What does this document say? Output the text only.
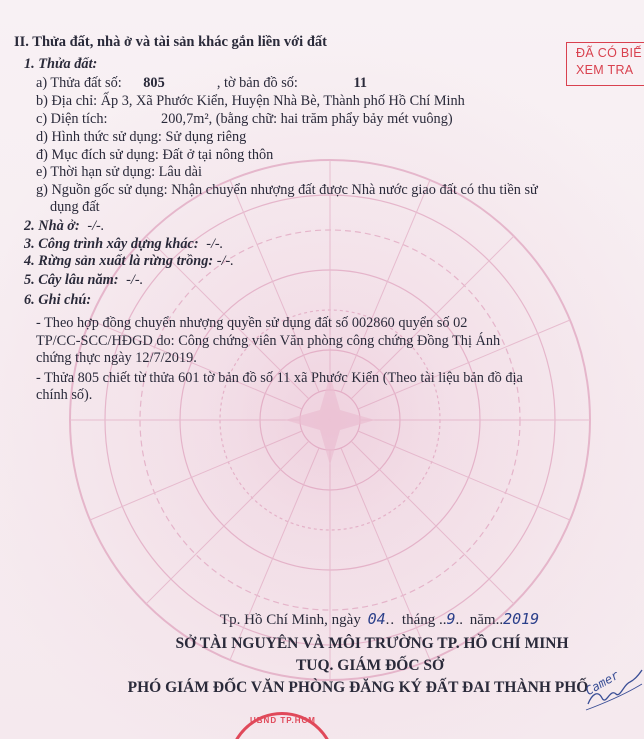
II. Thửa đất, nhà ở và tài sản khác gắn liền với đất
ĐÃ CÓ BIẾ
XEM TRA
1. Thửa đất:
a) Thửa đất số: 805	, tờ bản đồ số:	11
b) Địa chỉ: Ấp 3, Xã Phước Kiển, Huyện Nhà Bè, Thành phố Hồ Chí Minh
c) Diện tích:	200,7m², (bằng chữ: hai trăm phẩy bảy mét vuông)
d) Hình thức sử dụng: Sử dụng riêng
đ) Mục đích sử dụng: Đất ở tại nông thôn
e) Thời hạn sử dụng: Lâu dài
g) Nguồn gốc sử dụng: Nhận chuyển nhượng đất được Nhà nước giao đất có thu tiền sử
dụng đất
2. Nhà ở: -/-.
3. Công trình xây dựng khác: -/-.
4. Rừng sản xuất là rừng trồng: -/-.
5. Cây lâu năm: -/-.
6. Ghi chú:
- Theo hợp đồng chuyển nhượng quyền sử dụng đất số 002860 quyển số 02
TP/CC-SCC/HĐGD do: Công chứng viên Văn phòng công chứng Đồng Thị Ánh
chứng thực ngày 12/7/2019.
- Thửa 805 chiết từ thửa 601 tờ bản đồ số 11 xã Phước Kiển (Theo tài liệu bản đồ địa
chính số).
Tp. Hồ Chí Minh, ngày 04.. tháng ..9.. năm..2019
SỞ TÀI NGUYÊN VÀ MÔI TRƯỜNG TP. HỒ CHÍ MINH
TUQ. GIÁM ĐỐC SỞ
PHÓ GIÁM ĐỐC VĂN PHÒNG ĐĂNG KÝ ĐẤT ĐAI THÀNH PHỐ
UBND TP.HCM
Camer
